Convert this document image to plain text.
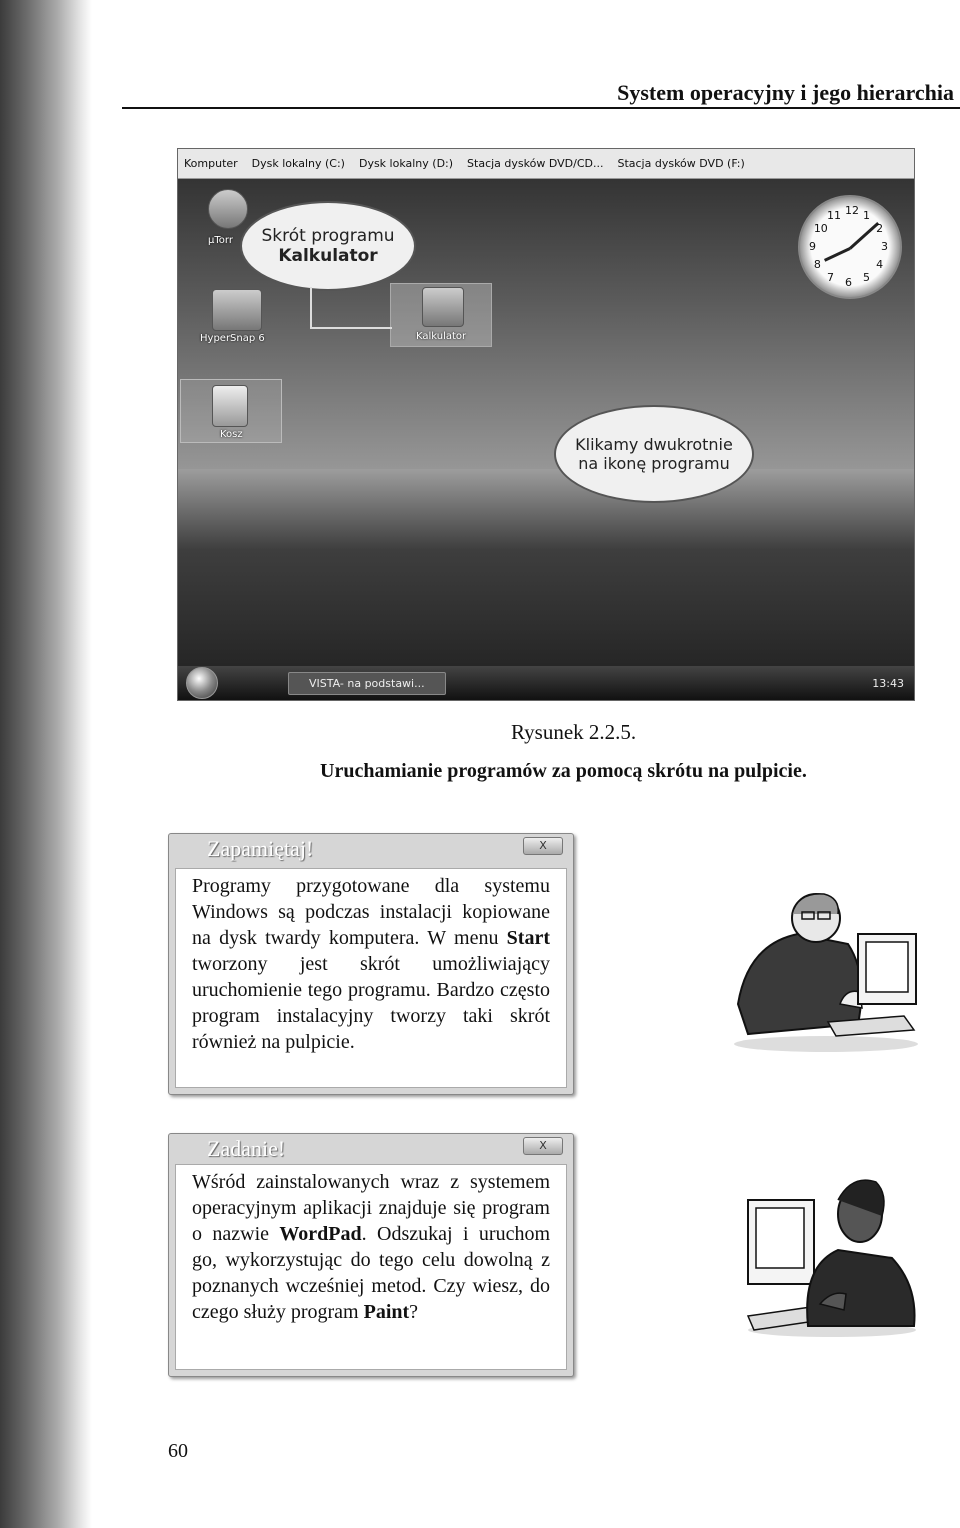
System operacyjny i jego hierarchia
Komputer Dysk lokalny (C:) Dysk lokalny (D:) Stacja dysków DVD/CD... Stacja dysków DVD (F:)
µTorr
HyperSnap 6	Kalkulator
Kosz
Skrót programu
Kalkulator
Klikamy dwukrotnie
na ikonę programu
12 1
2
3
4
5
6
7
8
9
10
11
VISTA- na podstawi...	13:43
Rysunek 2.2.5.
Uruchamianie programów za pomocą skrótu na pulpicie.
Zapamiętaj!	X
Programy przygotowane dla systemu Windows są podczas instalacji kopiowane na dysk twardy komputera. W menu Start tworzony jest skrót umożliwiający uruchomienie tego programu. Bardzo często program instalacyjny tworzy taki skrót również na pulpicie.
Zadanie!	X
Wśród zainstalowanych wraz z systemem operacyjnym aplikacji znajduje się program o nazwie WordPad. Odszukaj i uruchom go, wykorzystując do tego celu dowolną z poznanych wcześniej metod. Czy wiesz, do czego służy program Paint?
60
